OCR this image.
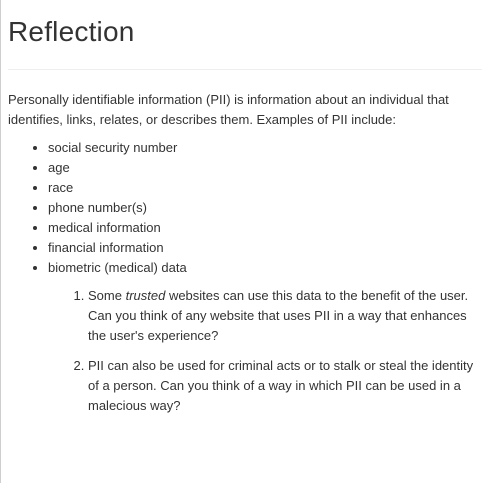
Reflection

Personally identifiable information (PII) is information about an individual that identifies, links, relates, or describes them. Examples of PII include:

• social security number
• age
• race
• phone number(s)
• medical information
• financial information
• biometric (medical) data
1. Some trusted websites can use this data to the benefit of the user. Can you think of any website that uses PII in a way that enhances the user's experience?
2. PII can also be used for criminal acts or to stalk or steal the identity of a person. Can you think of a way in which PII can be used in a malecious way?
